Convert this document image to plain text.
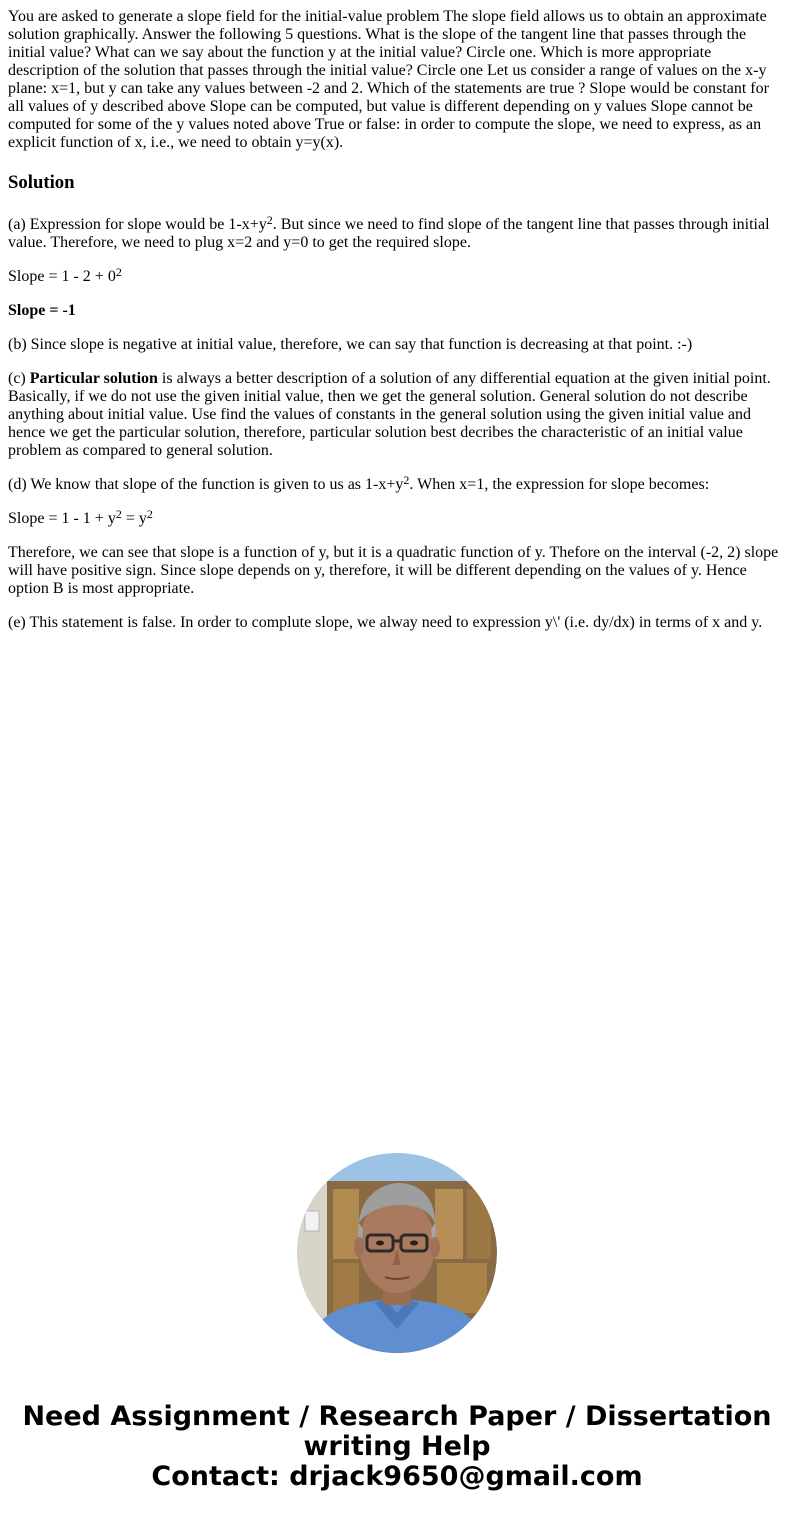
You are asked to generate a slope field for the initial-value problem The slope field allows us to obtain an approximate solution graphically. Answer the following 5 questions. What is the slope of the tangent line that passes through the initial value? What can we say about the function y at the initial value? Circle one. Which is more appropriate description of the solution that passes through the initial value? Circle one Let us consider a range of values on the x-y plane: x=1, but y can take any values between -2 and 2. Which of the statements are true ? Slope would be constant for all values of y described above Slope can be computed, but value is different depending on y values Slope cannot be computed for some of the y values noted above True or false: in order to compute the slope, we need to express, as an explicit function of x, i.e., we need to obtain y=y(x).

Solution

(a) Expression for slope would be $1-x+y^2$. But since we need to find slope of the tangent line that passes through initial value. Therefore, we need to plug x=2 and y=0 to get the required slope.

Slope = $1 - 2 + 0^2$

Slope = -1

(b) Since slope is negative at initial value, therefore, we can say that function is decreasing at that point. :-)

(c) Particular solution is always a better description of a solution of any differential equation at the given initial point. Basically, if we do not use the given initial value, then we get the general solution. General solution do not describe anything about initial value. Use find the values of constants in the general solution using the given initial value and hence we get the particular solution, therefore, particular solution best decribes the characteristic of an initial value problem as compared to general solution.

(d) We know that slope of the function is given to us as $1-x+y^2$. When x=1, the expression for slope becomes:

Slope = $1 - 1 + y^2 = y^2$

Therefore, we can see that slope is a function of y, but it is a quadratic function of y. Thefore on the interval (-2, 2) slope will have positive sign. Since slope depends on y, therefore, it will be different depending on the values of y. Hence option B is most appropriate.

(e) This statement is false. In order to complute slope, we alway need to expression y\' (i.e. dy/dx) in terms of x and y.

Need Assignment / Research Paper / Dissertation
writing Help
Contact: drjack9650@gmail.com
